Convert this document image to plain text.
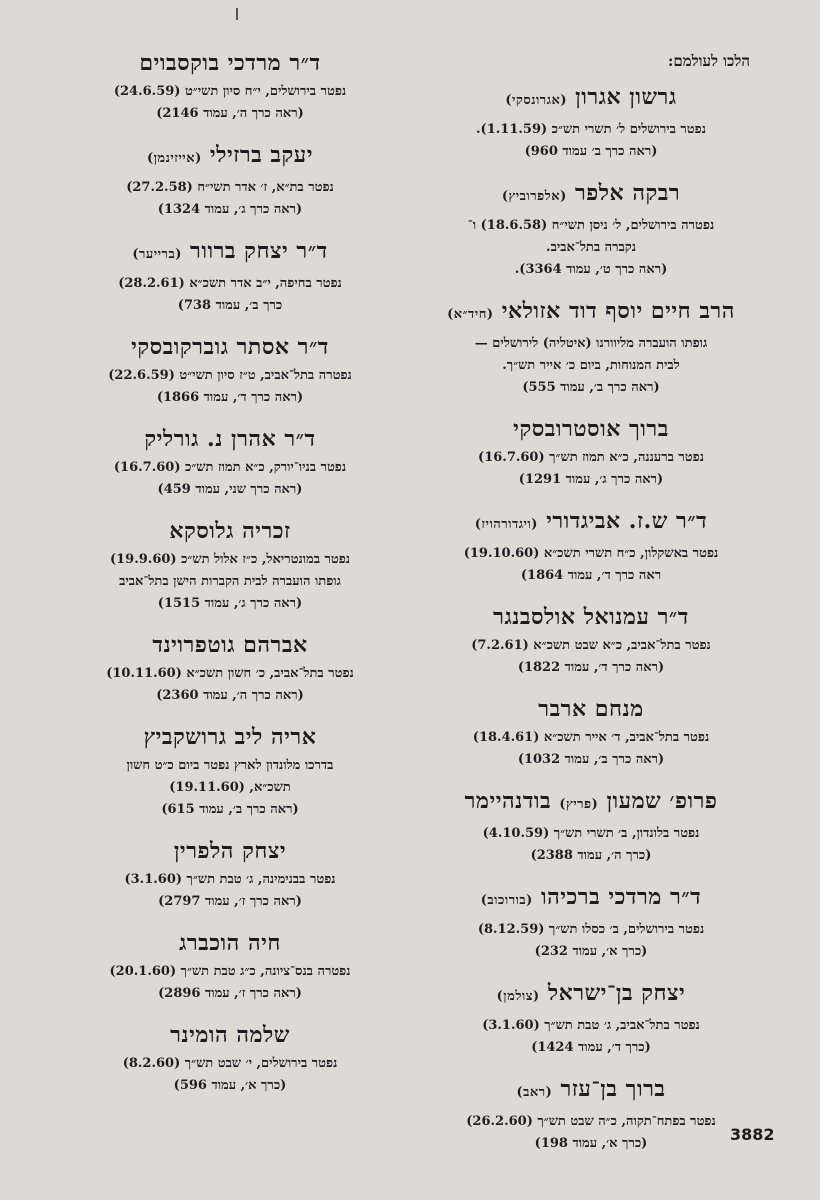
הלכו לעולמם:
גרשון אגרון (אגרונסקי)
נפטר בירושלים ל׳ תשרי תש״כ (1.11.59).
(ראה כרך ב׳ עמוד 960)
רבקה אלפר (אלפרוביץ)
נפטרה בירושלים, ל׳ ניסן תשי״ח (18.6.58) ו־
נקברה בתל־אביב.
(ראה כרך ט׳, עמוד 3364).
הרב חיים יוסף דוד אזולאי (חיד״א)
גופתו הועברה מליוורנו (איטליה) לירושלים —
לבית המנוחות, ביום כ׳ אייר תש״ך.
(ראה כרך ב׳, עמוד 555)
ברוך אוסטרובסקי
נפטר ברעננה, כ״א תמוז תש״ך (16.7.60)
(ראה כרך ג׳, עמוד 1291)
ד״ר ש.ז. אביגדורי (ויגדורהויז)
נפטר באשקלון, כ״ח תשרי תשכ״א (19.10.60)
ראה כרך ד׳, עמוד 1864)
ד״ר עמנואל אולסבנגר
נפטר בתל־אביב, כ״א שבט תשכ״א (7.2.61)
(ראה כרך ד׳, עמוד 1822)
מנחם ארבר
נפטר בתל־אביב, ד׳ אייר תשכ״א (18.4.61)
(ראה כרך ב׳, עמוד 1032)
פרופ׳ שמעון (פריץ) בודנהיימר
נפטר בלונדון, ב׳ תשרי תש״ך (4.10.59)
(כרך ה׳, עמוד 2388)
ד״ר מרדכי ברכיהו (בורוכוב)
נפטר בירושלים, ב׳ כסלו תש״ך (8.12.59)
(כרך א׳, עמוד 232)
יצחק בן־ישראל (צולמן)
נפטר בתל־אביב, ג׳ טבת תש״ך (3.1.60)
(כרך ד׳, עמוד 1424)
ברוך בן־עזר (ראב)
נפטר בפתח־תקוה, כ״ה שבט תש״ך (26.2.60)
(כרך א׳, עמוד 198)
ד״ר מרדכי בוקסבוים
נפטר בירושלים, י״ח סיון תשי״ט (24.6.59)
(ראה כרך ה׳, עמוד 2146)
יעקב ברזילי (אייזינמן)
נפטר בת״א, ז׳ אדר תשי״ח (27.2.58)
(ראה כרך ג׳, עמוד 1324)
ד״ר יצחק ברוור (ברייער)
נפטר בחיפה, י״ב אדר תשכ״א (28.2.61)
כרך ב׳, עמוד 738)
ד״ר אסתר גוברקובסקי
נפטרה בתל־אביב, ט״ז סיון תשי״ט (22.6.59)
(ראה כרך ד׳, עמוד 1866)
ד״ר אהרן נ. גורליק
נפטר בניו־יורק, כ״א תמוז תש״כ (16.7.60)
(ראה כרך שני, עמוד 459)
זכריה גלוסקא
נפטר במונטריאל, כ״ז אלול תש״כ (19.9.60)
גופתו הועברה לבית הקברות הישן בתל־אביב
(ראה כרך ג׳, עמוד 1515)
אברהם גוטפרוינד
נפטר בתל־אביב, כ׳ חשון תשכ״א (10.11.60)
(ראה כרך ה׳, עמוד 2360)
אריה ליב גרושקביץ
בדרכו מלונדון לארץ נפטר ביום כ״ט חשון
תשכ״א, (19.11.60)
(ראה כרך ב׳, עמוד 615)
יצחק הלפרין
נפטר בבנימינה, ג׳ טבת תש״ך (3.1.60)
(ראה כרך ז׳, עמוד 2797)
חיה הוכברג
נפטרה בנס־ציונה, כ״ג טבת תש״ך (20.1.60)
(ראה כרך ז׳, עמוד 2896)
שלמה הומינר
נפטר בירושלים, י׳ שבט תש״ך (8.2.60)
(כרך א׳, עמוד 596)
3882
